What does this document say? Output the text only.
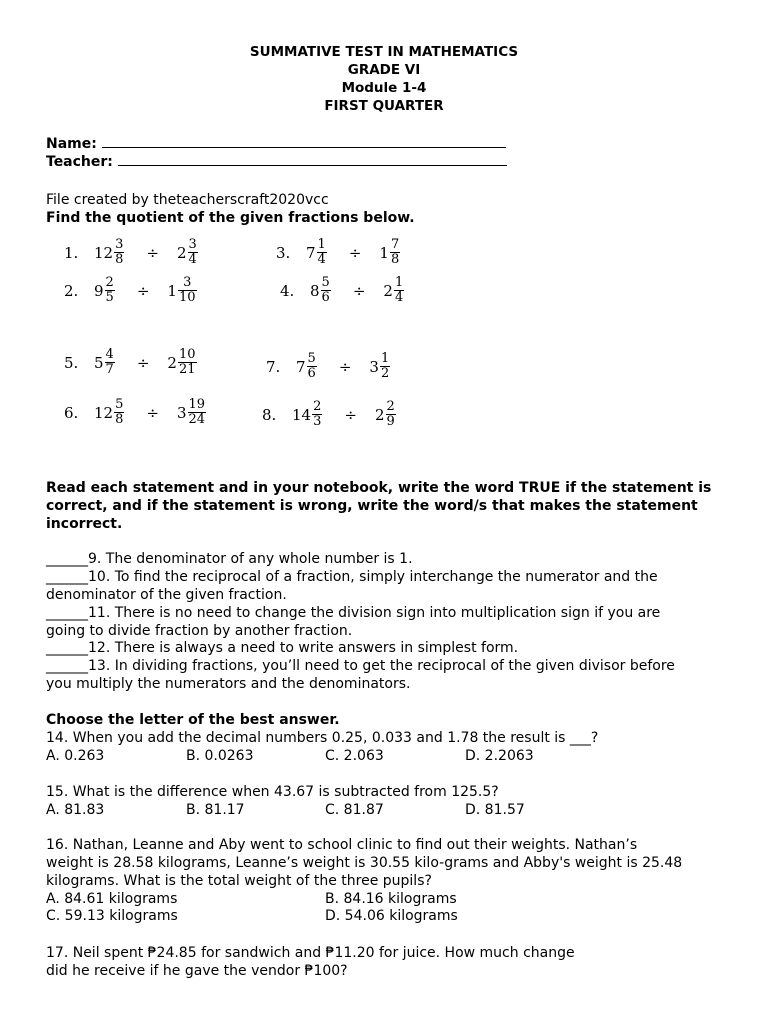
SUMMATIVE TEST IN MATHEMATICS
GRADE VI
Module 1-4
FIRST QUARTER
Name:
Teacher:
File created by theteacherscraft2020vcc
Find the quotient of the given fractions below.
1.	$12 \frac{3}{8} \div 2 \frac{3}{4}$
2.	$9 \frac{2}{5} \div 1 \frac{3}{10}$
3.	$7 \frac{1}{4} \div 1 \frac{7}{8}$
4.	$8 \frac{5}{6} \div 2 \frac{1}{4}$
5.	$5 \frac{4}{7} \div 2 \frac{10}{21}$
6.	$12 \frac{5}{8} \div 3 \frac{19}{24}$
7.	$7 \frac{5}{6} \div 3 \frac{1}{2}$
8.	$14 \frac{2}{3} \div 2 \frac{2}{9}$
Read each statement and in your notebook, write the word TRUE if the statement is
correct, and if the statement is wrong, write the word/s that makes the statement
incorrect.
______9. The denominator of any whole number is 1.
______10. To find the reciprocal of a fraction, simply interchange the numerator and the
denominator of the given fraction.
______11. There is no need to change the division sign into multiplication sign if you are
going to divide fraction by another fraction.
______12. There is always a need to write answers in simplest form.
______13. In dividing fractions, you’ll need to get the reciprocal of the given divisor before
you multiply the numerators and the denominators.
Choose the letter of the best answer.
14. When you add the decimal numbers 0.25, 0.033 and 1.78 the result is ___?
A. 0.263	B. 0.0263	C. 2.063	D. 2.2063
15. What is the difference when 43.67 is subtracted from 125.5?
A. 81.83	B. 81.17	C. 81.87	D. 81.57
16. Nathan, Leanne and Aby went to school clinic to find out their weights. Nathan’s
weight is 28.58 kilograms, Leanne’s weight is 30.55 kilo-grams and Abby's weight is 25.48
kilograms. What is the total weight of the three pupils?
A. 84.61 kilograms	B. 84.16 kilograms
C. 59.13 kilograms	D. 54.06 kilograms
17. Neil spent ₱24.85 for sandwich and ₱11.20 for juice. How much change
did he receive if he gave the vendor ₱100?
